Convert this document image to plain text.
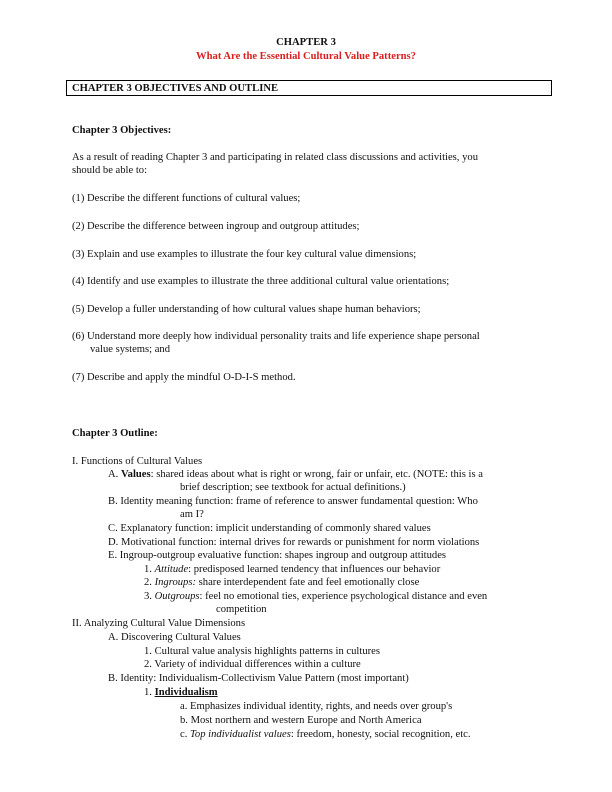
CHAPTER 3
What Are the Essential Cultural Value Patterns?
CHAPTER 3 OBJECTIVES AND OUTLINE
Chapter 3 Objectives:
As a result of reading Chapter 3 and participating in related class discussions and activities, you
should be able to:
(1) Describe the different functions of cultural values;
(2) Describe the difference between ingroup and outgroup attitudes;
(3) Explain and use examples to illustrate the four key cultural value dimensions;
(4) Identify and use examples to illustrate the three additional cultural value orientations;
(5) Develop a fuller understanding of how cultural values shape human behaviors;
(6) Understand more deeply how individual personality traits and life experience shape personal
value systems; and
(7) Describe and apply the mindful O-D-I-S method.
Chapter 3 Outline:
I. Functions of Cultural Values
A. Values: shared ideas about what is right or wrong, fair or unfair, etc. (NOTE: this is a
brief description; see textbook for actual definitions.)
B. Identity meaning function: frame of reference to answer fundamental question: Who
am I?
C. Explanatory function: implicit understanding of commonly shared values
D. Motivational function: internal drives for rewards or punishment for norm violations
E. Ingroup-outgroup evaluative function: shapes ingroup and outgroup attitudes
1. Attitude: predisposed learned tendency that influences our behavior
2. Ingroups: share interdependent fate and feel emotionally close
3. Outgroups: feel no emotional ties, experience psychological distance and even
competition
II. Analyzing Cultural Value Dimensions
A. Discovering Cultural Values
1. Cultural value analysis highlights patterns in cultures
2. Variety of individual differences within a culture
B. Identity: Individualism-Collectivism Value Pattern (most important)
1. Individualism
a. Emphasizes individual identity, rights, and needs over group's
b. Most northern and western Europe and North America
c. Top individualist values: freedom, honesty, social recognition, etc.
